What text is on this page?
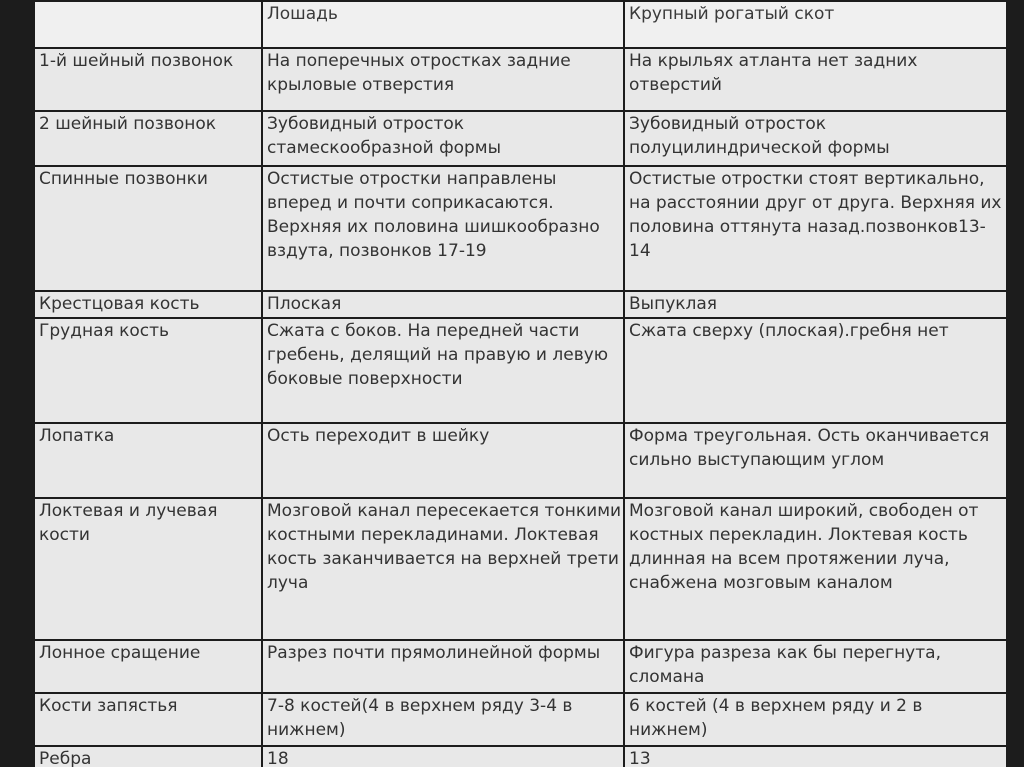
	Лошадь	Крупный рогатый скот
1-й шейный позвонок	На поперечных отростках задние крыловые отверстия	На крыльях атланта нет задних отверстий
2 шейный позвонок	Зубовидный отросток стамескообразной формы	Зубовидный отросток полуцилиндрической формы
Спинные позвонки	Остистые отростки направлены вперед и почти соприкасаются. Верхняя их половина шишкообразно вздута, позвонков 17-19	Остистые отростки стоят вертикально, на расстоянии друг от друга. Верхняя их половина оттянута назад.позвонков13-14
Крестцовая кость	Плоская	Выпуклая
Грудная кость	Сжата с боков. На передней части гребень, делящий на правую и левую боковые поверхности	Сжата сверху (плоская).гребня нет
Лопатка	Ость переходит в шейку	Форма треугольная. Ость оканчивается сильно выступающим углом
Локтевая и лучевая кости	Мозговой канал пересекается тонкими костными перекладинами. Локтевая кость заканчивается на верхней трети луча	Мозговой канал широкий, свободен от костных перекладин. Локтевая кость длинная на всем протяжении луча, снабжена мозговым каналом
Лонное сращение	Разрез почти прямолинейной формы	Фигура разреза как бы перегнута, сломана
Кости запястья	7-8 костей(4 в верхнем ряду 3-4 в нижнем)	6 костей (4 в верхнем ряду и 2 в нижнем)
Ребра	18	13
